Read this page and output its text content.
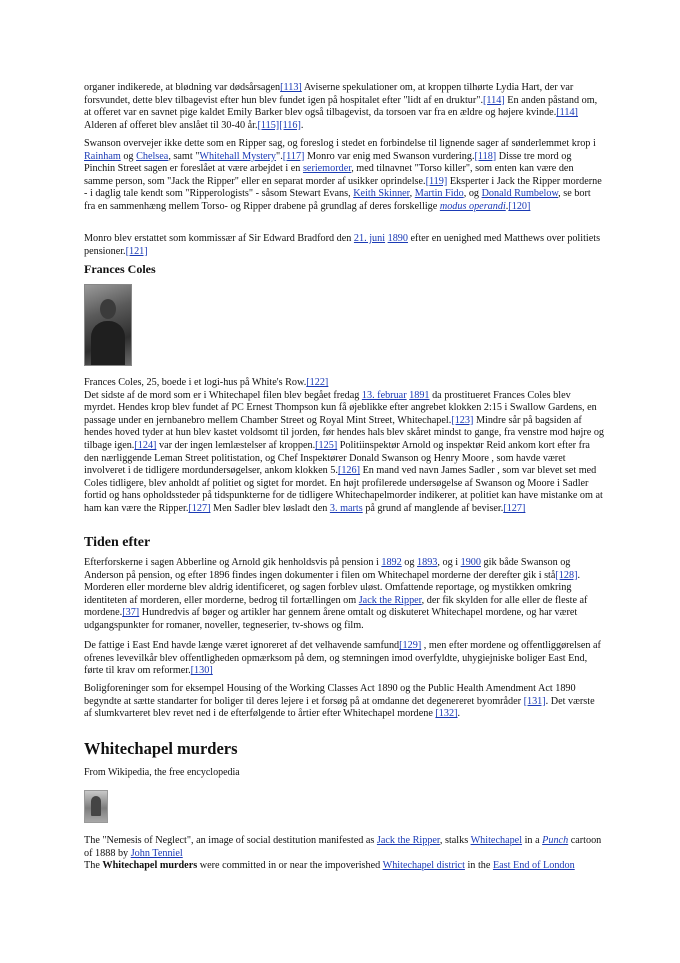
organer indikerede, at blødning var dødsårsagen[113] Aviserne spekulationer om, at kroppen tilhørte Lydia Hart, der var forsvundet, dette blev tilbagevist efter hun blev fundet igen på hospitalet efter "lidt af en druktur".[114] En anden påstand om, at offeret var en savnet pige kaldet Emily Barker blev også tilbagevist, da torsoen var fra en ældre og højere kvinde.[114] Alderen af offeret blev anslået til 30-40 år.[115][116].

Swanson overvejer ikke dette som en Ripper sag, og foreslog i stedet en forbindelse til lignende sager af sønderlemmet krop i Rainham og Chelsea, samt "Whitehall Mystery".[117] Monro var enig med Swanson vurdering.[118] Disse tre mord og Pinchin Street sagen er foreslået at være arbejdet i en seriemorder, med tilnavnet "Torso killer", som enten kan være den samme person, som "Jack the Ripper" eller en separat morder af usikker oprindelse.[119] Eksperter i Jack the Ripper morderne - i daglig tale kendt som "Ripperologists" - såsom Stewart Evans, Keith Skinner, Martin Fido, og Donald Rumbelow, se bort fra en sammenhæng mellem Torso- og Ripper drabene på grundlag af deres forskellige modus operandi.[120]

Monro blev erstattet som kommissær af Sir Edward Bradford den 21. juni 1890 efter en uenighed med Matthews over politiets pensioner.[121]

Frances Coles

Frances Coles, 25, boede i et logi-hus på White's Row.[122]
Det sidste af de mord som er i Whitechapel filen blev begået fredag 13. februar 1891 da prostitueret Frances Coles blev myrdet. Hendes krop blev fundet af PC Ernest Thompson kun få øjeblikke efter angrebet klokken 2:15 i Swallow Gardens, en passage under en jernbanebro mellem Chamber Street og Royal Mint Street, Whitechapel.[123] Mindre sår på bagsiden af hendes hoved tyder at hun blev kastet voldsomt til jorden, før hendes hals blev skåret mindst to gange, fra venstre mod højre og tilbage igen.[124] var der ingen lemlæstelser af kroppen.[125] Politiinspektør Arnold og inspektør Reid ankom kort efter fra den nærliggende Leman Street politistation, og Chef Inspektører Donald Swanson og Henry Moore , som havde været involveret i de tidligere mordundersøgelser, ankom klokken 5.[126] En mand ved navn James Sadler , som var blevet set med Coles tidligere, blev anholdt af politiet og sigtet for mordet. En højt profilerede undersøgelse af Swanson og Moore i Sadler fortid og hans opholdssteder på tidspunkterne for de tidligere Whitechapelmorder indikerer, at politiet kan have mistanke om at ham kan være the Ripper.[127] Men Sadler blev løsladt den 3. marts på grund af manglende af beviser.[127]

Tiden efter

Efterforskerne i sagen Abberline og Arnold gik henholdsvis på pension i 1892 og 1893, og i 1900 gik både Swanson og Anderson på pension, og efter 1896 findes ingen dokumenter i filen om Whitechapel morderne der derefter gik i stå[128]. Morderen eller morderne blev aldrig identificeret, og sagen forblev uløst. Omfattende reportage, og mystikken omkring identiteten af morderen, eller morderne, bedrog til fortællingen om Jack the Ripper, der fik skylden for alle eller de fleste af mordene.[37] Hundredvis af bøger og artikler har gennem årene omtalt og diskuteret Whitechapel mordene, og har været udgangspunkter for romaner, noveller, tegneserier, tv-shows og film.

De fattige i East End havde længe været ignoreret af det velhavende samfund[129] , men efter mordene og offentliggørelsen af ofrenes levevilkår blev offentligheden opmærksom på dem, og stemningen imod overfyldte, uhygiejniske boliger East End, førte til krav om reformer.[130]

Boligforeninger som for eksempel Housing of the Working Classes Act 1890 og the Public Health Amendment Act 1890 begyndte at sætte standarter for boliger til deres lejere i et forsøg på at omdanne det degenereret byområder [131]. Det værste af slumkvarteret blev revet ned i de efterfølgende to årtier efter Whitechapel mordene [132].

Whitechapel murders
From Wikipedia, the free encyclopedia

The "Nemesis of Neglect", an image of social destitution manifested as Jack the Ripper, stalks Whitechapel in a Punch cartoon of 1888 by John Tenniel
The Whitechapel murders were committed in or near the impoverished Whitechapel district in the East End of London
